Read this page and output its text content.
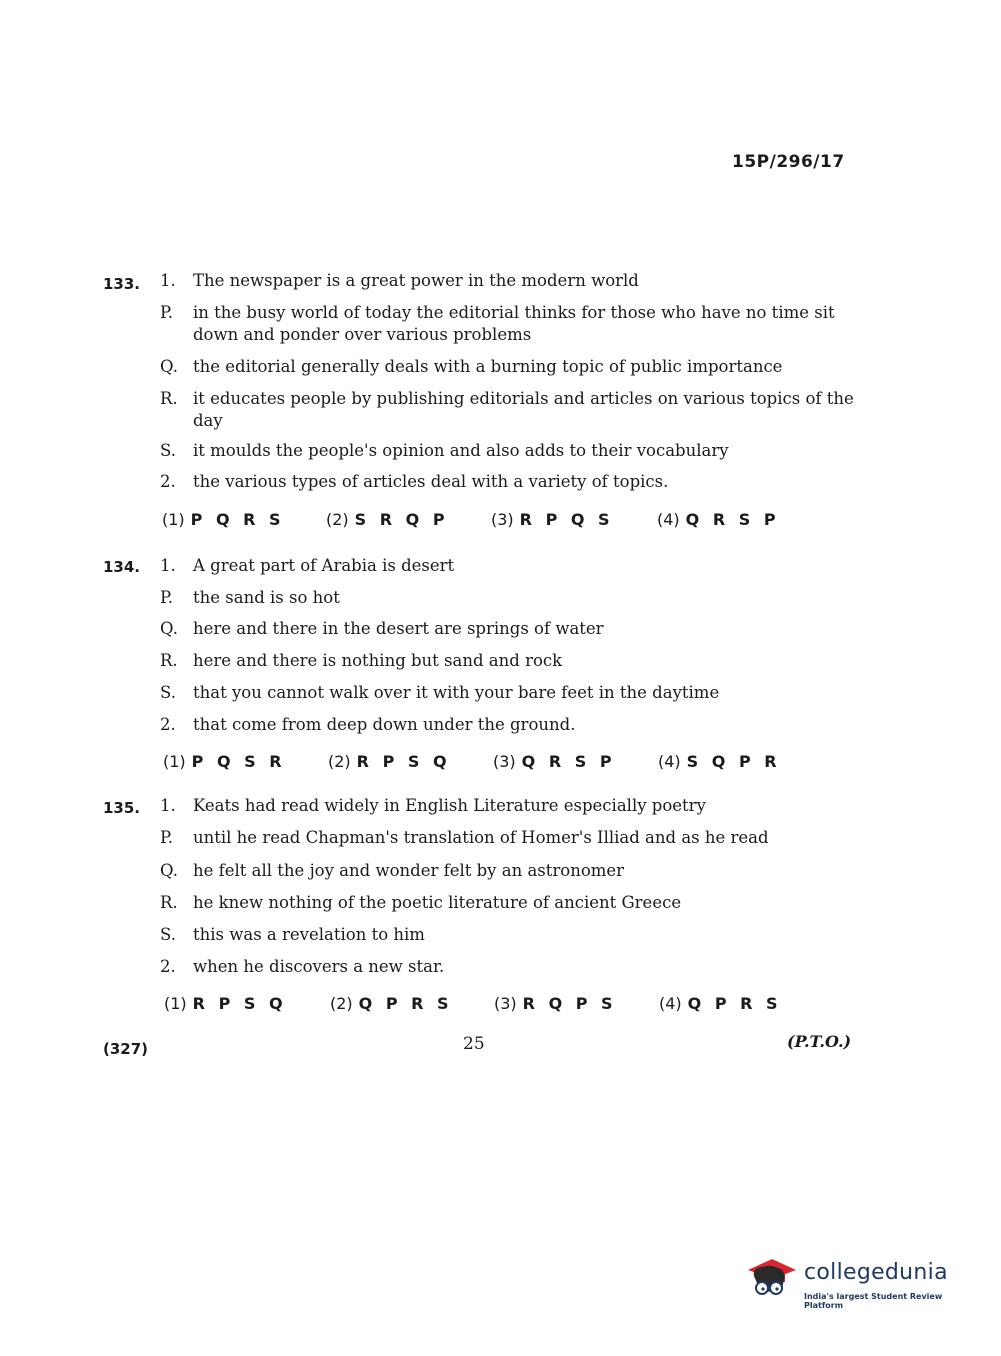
15P/296/17
133. 1.	The newspaper is a great power in the modern world
P.	in the busy world of today the editorial thinks for those who have no time sit down and ponder over various problems
Q. the editorial generally deals with a burning topic of public importance
R. it educates people by publishing editorials and articles on various topics of the day
S.	it moulds the people's opinion and also adds to their vocabulary
2.	the various types of articles deal with a variety of topics.
(1) P Q R S	(2) S R Q P	(3) R P Q S	(4) Q R S P
134. 1.	A great part of Arabia is desert
P.	the sand is so hot
Q. here and there in the desert are springs of water
R. here and there is nothing but sand and rock
S.	that you cannot walk over it with your bare feet in the daytime
2.	that come from deep down under the ground.
(1) P Q S R	(2) R P S Q	(3) Q R S P	(4) S Q P R
135. 1.	Keats had read widely in English Literature especially poetry
P.	until he read Chapman's translation of Homer's Illiad and as he read
Q. he felt all the joy and wonder felt by an astronomer
R. he knew nothing of the poetic literature of ancient Greece
S.	this was a revelation to him
2.	when he discovers a new star.
(1) R P S Q	(2) Q P R S	(3) R Q P S	(4) Q P R S
(327)	25	(P.T.O.)
collegedunia
India's largest Student Review Platform
